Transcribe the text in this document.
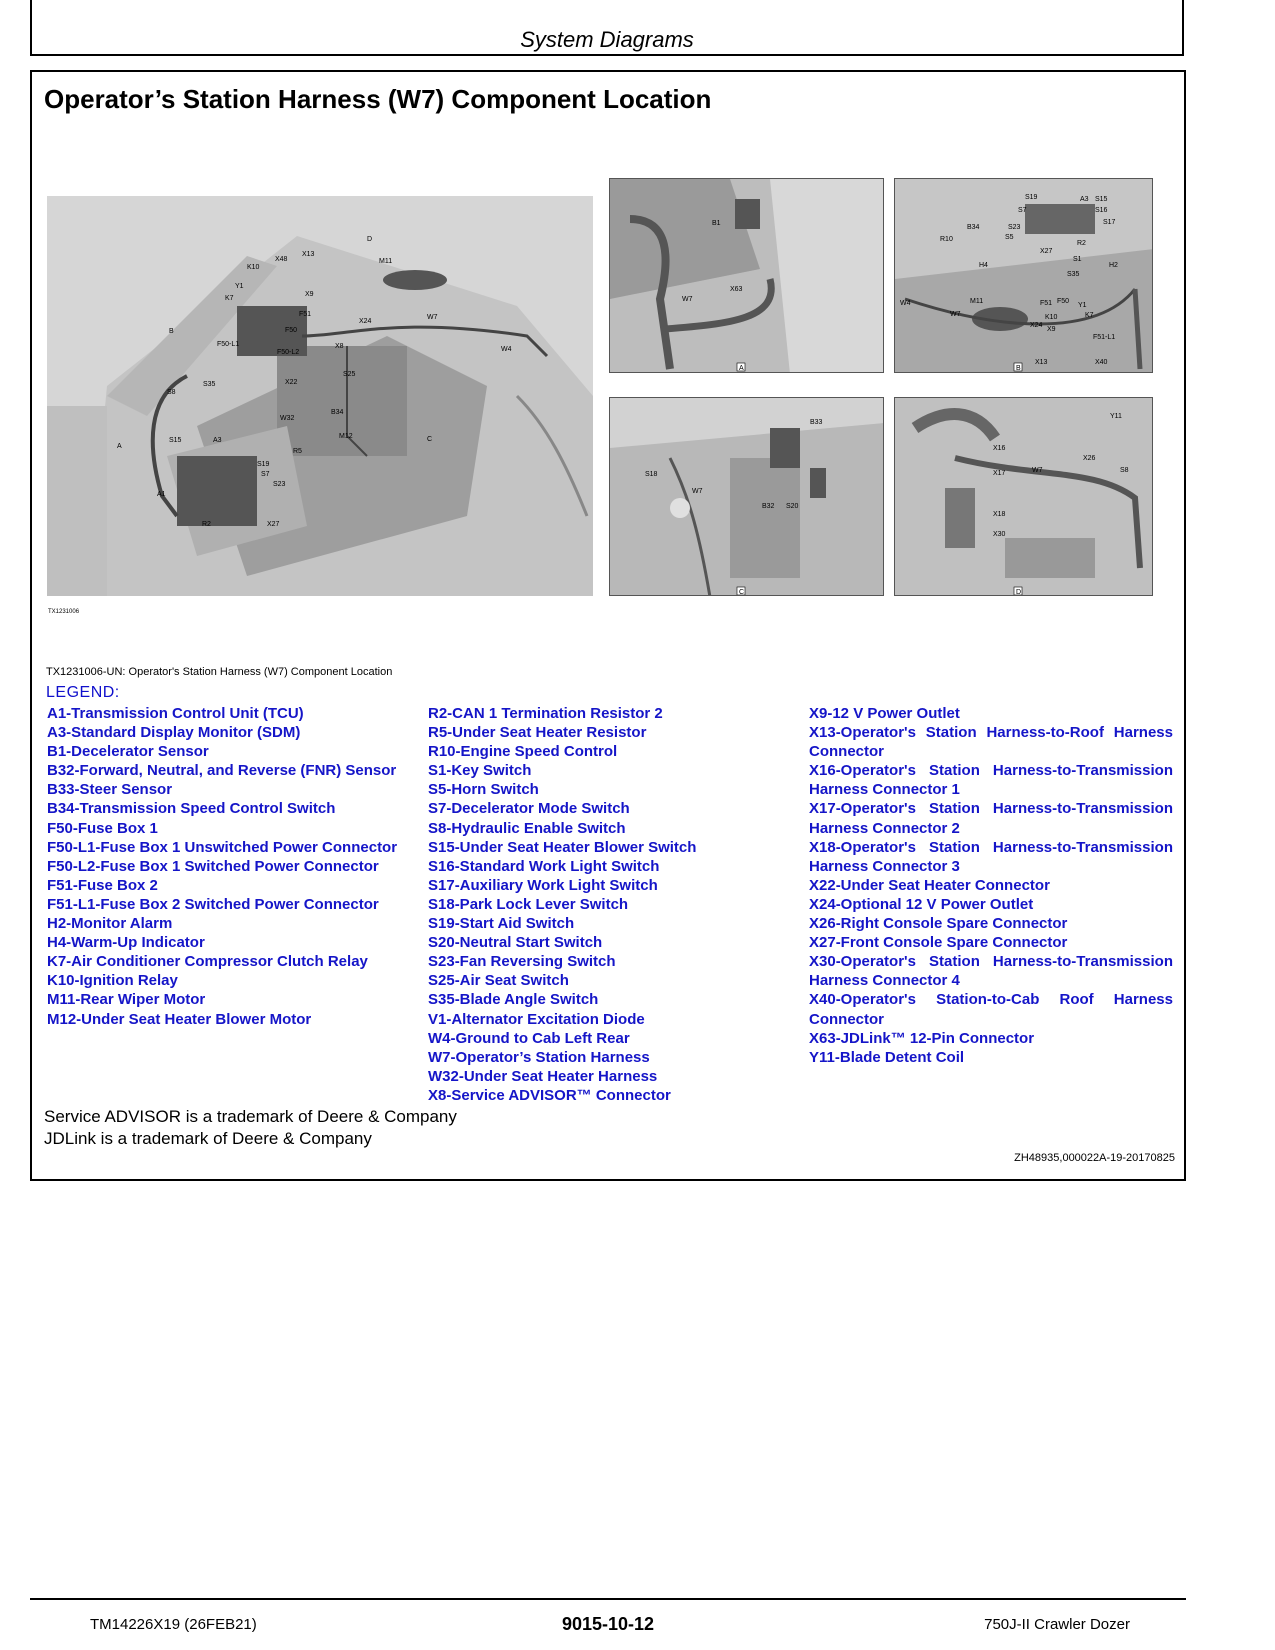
System Diagrams
Operator’s Station Harness (W7) Component Location
X48
X13
K10
Y1
K7
F51
X9
F50
F50-L1
F50-L2
M11
X24
W7
X8	W4
X22
S25
B34
W32
M12
R5
S35
S8
S15	A3
S19
S7
S23
A1
R2	X27
D
B
A
C
TX1231006
B1
W7
X63
A
S19	A3 S15
S16
S17
S7
B34	S23
S5
R10
R2
X27
S1
H2
S35
H4
W4
W7
M11	F51 F50
Y1
K7
K10
X24
X9
F51-L1
X13	X40
B
B33
S18
W7
B32 S20
C
Y11
X16
X26
X17	W7	S8
X18
X30
D
TX1231006-UN: Operator's Station Harness (W7) Component Location
LEGEND:
A1-Transmission Control Unit (TCU)
A3-Standard Display Monitor (SDM)
B1-Decelerator Sensor
B32-Forward, Neutral, and Reverse (FNR) Sensor
B33-Steer Sensor
B34-Transmission Speed Control Switch
F50-Fuse Box 1
F50-L1-Fuse Box 1 Unswitched Power Connector
F50-L2-Fuse Box 1 Switched Power Connector
F51-Fuse Box 2
F51-L1-Fuse Box 2 Switched Power Connector
H2-Monitor Alarm
H4-Warm-Up Indicator
K7-Air Conditioner Compressor Clutch Relay
K10-Ignition Relay
M11-Rear Wiper Motor
M12-Under Seat Heater Blower Motor
R2-CAN 1 Termination Resistor 2
R5-Under Seat Heater Resistor
R10-Engine Speed Control
S1-Key Switch
S5-Horn Switch
S7-Decelerator Mode Switch
S8-Hydraulic Enable Switch
S15-Under Seat Heater Blower Switch
S16-Standard Work Light Switch
S17-Auxiliary Work Light Switch
S18-Park Lock Lever Switch
S19-Start Aid Switch
S20-Neutral Start Switch
S23-Fan Reversing Switch
S25-Air Seat Switch
S35-Blade Angle Switch
V1-Alternator Excitation Diode
W4-Ground to Cab Left Rear
W7-Operator’s Station Harness
W32-Under Seat Heater Harness
X8-Service ADVISOR™ Connector
X9-12 V Power Outlet
X13-Operator's Station Harness-to-Roof Harness Connector
X16-Operator's Station Harness-to-Transmission Harness Connector 1
X17-Operator's Station Harness-to-Transmission Harness Connector 2
X18-Operator's Station Harness-to-Transmission Harness Connector 3
X22-Under Seat Heater Connector
X24-Optional 12 V Power Outlet
X26-Right Console Spare Connector
X27-Front Console Spare Connector
X30-Operator's Station Harness-to-Transmission Harness Connector 4
X40-Operator's Station-to-Cab Roof Harness Connector
X63-JDLink™ 12-Pin Connector
Y11-Blade Detent Coil
Service ADVISOR is a trademark of Deere & Company
JDLink is a trademark of Deere & Company
ZH48935,000022A-19-20170825
TM14226X19 (26FEB21)	9015-10-12	750J-II Crawler Dozer
